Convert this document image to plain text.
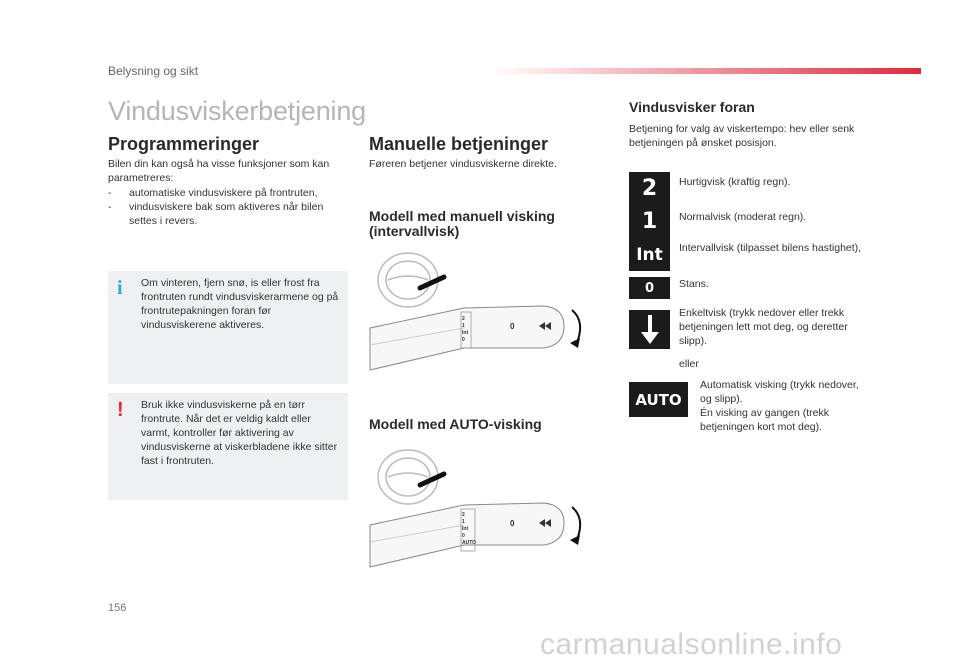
Belysning og sikt
Vindusviskerbetjening
Programmeringer
Bilen din kan også ha visse funksjoner som kan parametreres:
- automatiske vindusviskere på frontruten,
- vindusviskere bak som aktiveres når bilen settes i revers.
i Om vinteren, fjern snø, is eller frost fra frontruten rundt vindusviskerarmene og på frontrutepakningen foran før vindusviskerene aktiveres.
! Bruk ikke vindusviskerne på en tørr frontrute. Når det er veldig kaldt eller varmt, kontroller før aktivering av vindusviskerne at viskerbladene ikke sitter fast i frontruten.
Manuelle betjeninger
Føreren betjener vindusviskerne direkte.
Modell med manuell visking (intervallvisk)
2
1
Int
0
0
Modell med AUTO-visking
2
1
Int
0
AUTO
0
Vindusvisker foran
Betjening for valg av viskertempo: hev eller senk betjeningen på ønsket posisjon.
2	Hurtigvisk (kraftig regn).
1	Normalvisk (moderat regn).
Int	Intervallvisk (tilpasset bilens hastighet),
0	Stans.
Enkeltvisk (trykk nedover eller trekk betjeningen lett mot deg, og deretter slipp).
eller
AUTO
Automatisk visking (trykk nedover, og slipp).
Én visking av gangen (trekk betjeningen kort mot deg).
156
carmanualsonline.info
